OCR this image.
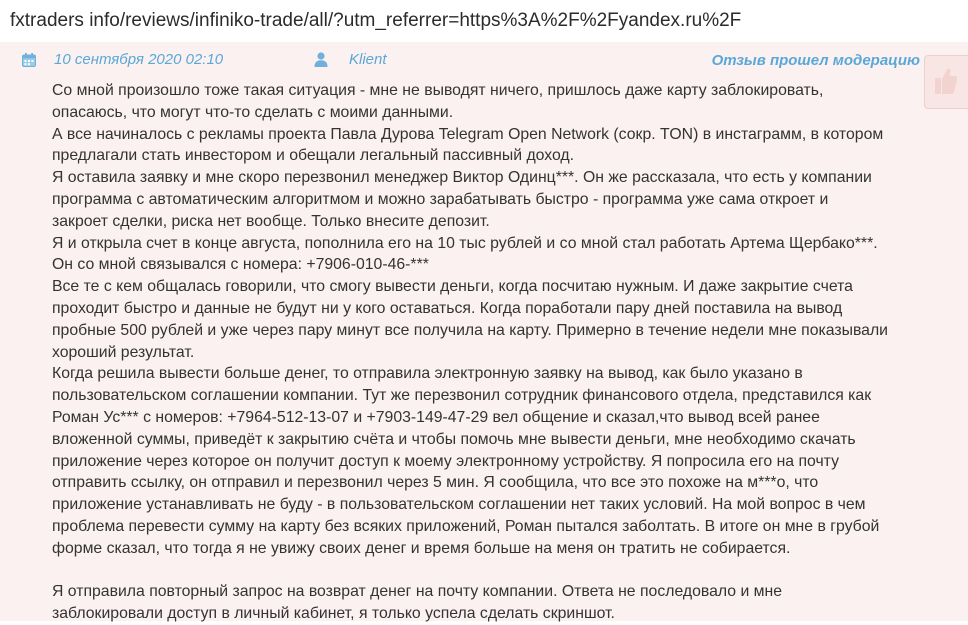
fxtraders info/reviews/infiniko-trade/all/?utm_referrer=https%3A%2F%2Fyandex.ru%2F
10 сентября 2020 02:10	Klient	Отзыв прошел модерацию

Со мной произошло тоже такая ситуация - мне не выводят ничего, пришлось даже карту заблокировать,
опасаюсь, что могут что-то сделать с моими данными.
А все начиналось с рекламы проекта Павла Дурова Telegram Open Network (сокр. TON) в инстаграмм, в котором
предлагали стать инвестором и обещали легальный пассивный доход.
Я оставила заявку и мне скоро перезвонил менеджер Виктор Одинц***. Он же рассказала, что есть у компании
программа с автоматическим алгоритмом и можно зарабатывать быстро - программа уже сама откроет и
закроет сделки, риска нет вообще. Только внесите депозит.
Я и открыла счет в конце августа, пополнила его на 10 тыс рублей и со мной стал работать Артема Щербако***.
Он со мной связывался с номера: +7906-010-46-***
Все те с кем общалась говорили, что смогу вывести деньги, когда посчитаю нужным. И даже закрытие счета
проходит быстро и данные не будут ни у кого оставаться. Когда поработали пару дней поставила на вывод
пробные 500 рублей и уже через пару минут все получила на карту. Примерно в течение недели мне показывали
хороший результат.
Когда решила вывести больше денег, то отправила электронную заявку на вывод, как было указано в
пользовательском соглашении компании. Тут же перезвонил сотрудник финансового отдела, представился как
Роман Ус*** с номеров: +7964-512-13-07 и +7903-149-47-29 вел общение и сказал,что вывод всей ранее
вложенной суммы, приведёт к закрытию счёта и чтобы помочь мне вывести деньги, мне необходимо скачать
приложение через которое он получит доступ к моему электронному устройству. Я попросила его на почту
отправить ссылку, он отправил и перезвонил через 5 мин. Я сообщила, что все это похоже на м***о, что
приложение устанавливать не буду - в пользовательском соглашении нет таких условий. На мой вопрос в чем
проблема перевести сумму на карту без всяких приложений, Роман пытался заболтать. В итоге он мне в грубой
форме сказал, что тогда я не увижу своих денег и время больше на меня он тратить не собирается.
Я отправила повторный запрос на возврат денег на почту компании. Ответа не последовало и мне
заблокировали доступ в личный кабинет, я только успела сделать скриншот.
